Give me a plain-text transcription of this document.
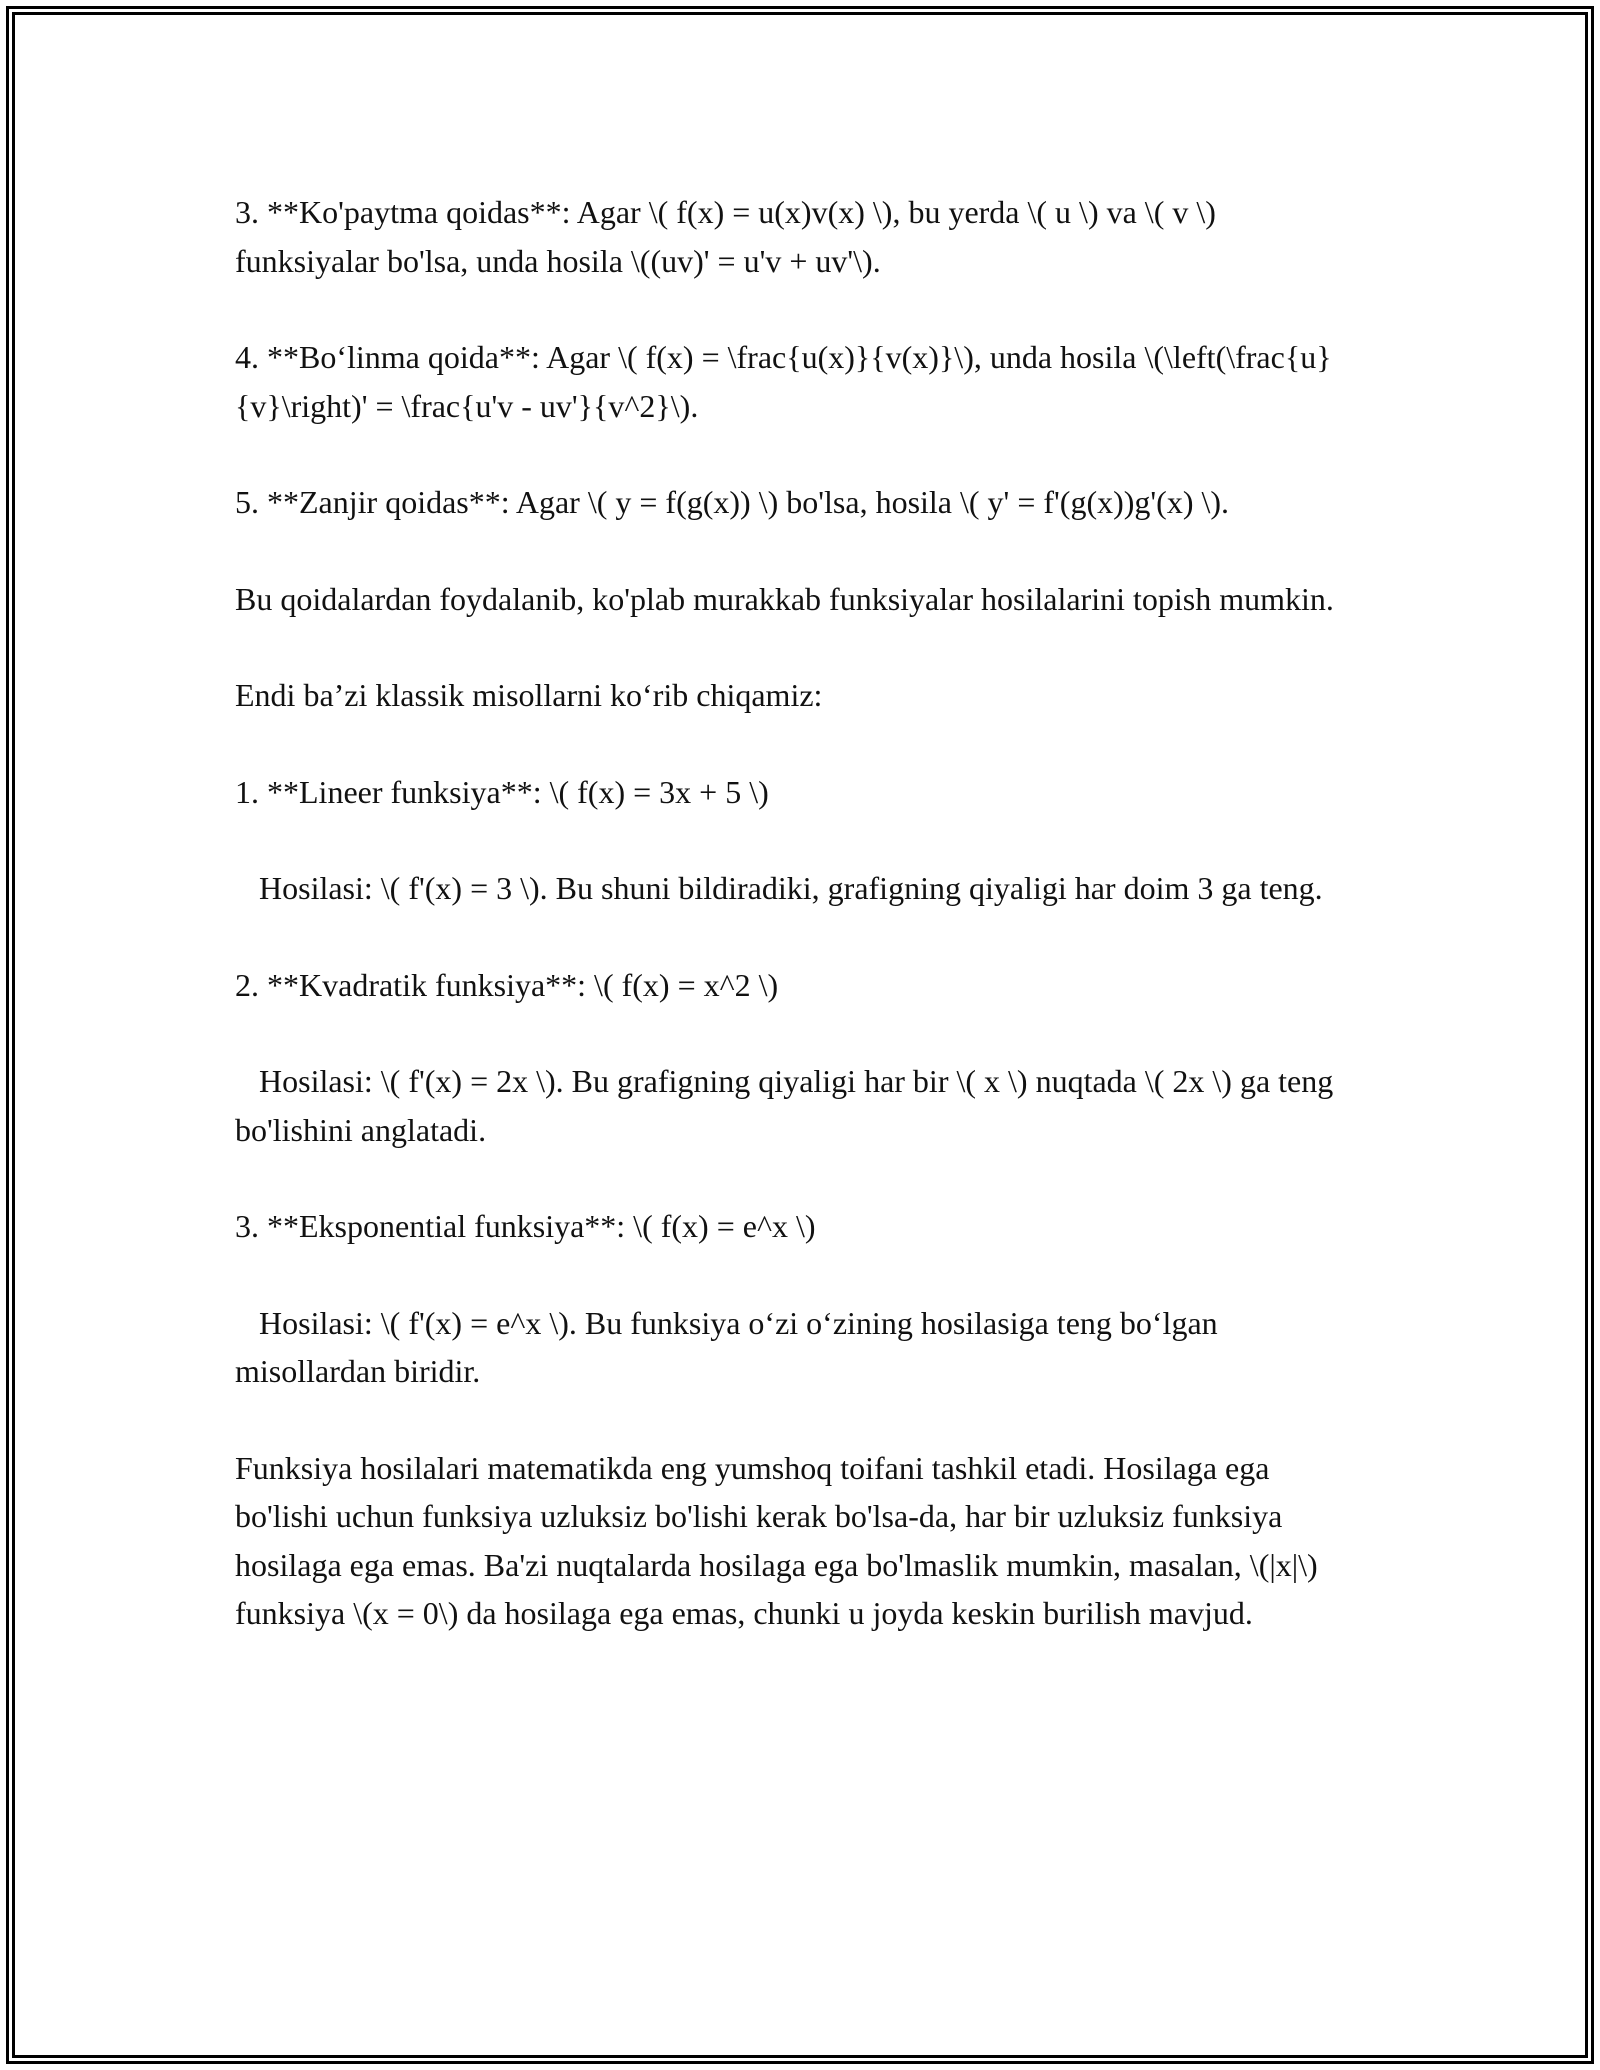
3. **Ko'paytma qoidas**: Agar \( f(x) = u(x)v(x) \), bu yerda \( u \) va \( v \) funksiyalar bo'lsa, unda hosila \((uv)' = u'v + uv'\).

4. **Bo‘linma qoida**: Agar \( f(x) = \frac{u(x)}{v(x)}\), unda hosila \(\left(\frac{u}{v}\right)' = \frac{u'v - uv'}{v^2}\).

5. **Zanjir qoidas**: Agar \( y = f(g(x)) \) bo'lsa, hosila \( y' = f'(g(x))g'(x) \).

Bu qoidalardan foydalanib, ko'plab murakkab funksiyalar hosilalarini topish mumkin.

Endi ba’zi klassik misollarni ko‘rib chiqamiz:

1. **Lineer funksiya**: \( f(x) = 3x + 5 \)

Hosilasi: \( f'(x) = 3 \). Bu shuni bildiradiki, grafigning qiyaligi har doim 3 ga teng.

2. **Kvadratik funksiya**: \( f(x) = x^2 \)

Hosilasi: \( f'(x) = 2x \). Bu grafigning qiyaligi har bir \( x \) nuqtada \( 2x \) ga teng bo'lishini anglatadi.

3. **Eksponential funksiya**: \( f(x) = e^x \)

Hosilasi: \( f'(x) = e^x \). Bu funksiya o‘zi o‘zining hosilasiga teng bo‘lgan misollardan biridir.

Funksiya hosilalari matematikda eng yumshoq toifani tashkil etadi. Hosilaga ega bo'lishi uchun funksiya uzluksiz bo'lishi kerak bo'lsa-da, har bir uzluksiz funksiya hosilaga ega emas. Ba'zi nuqtalarda hosilaga ega bo'lmaslik mumkin, masalan, \(|x|\) funksiya \(x = 0\) da hosilaga ega emas, chunki u joyda keskin burilish mavjud.
